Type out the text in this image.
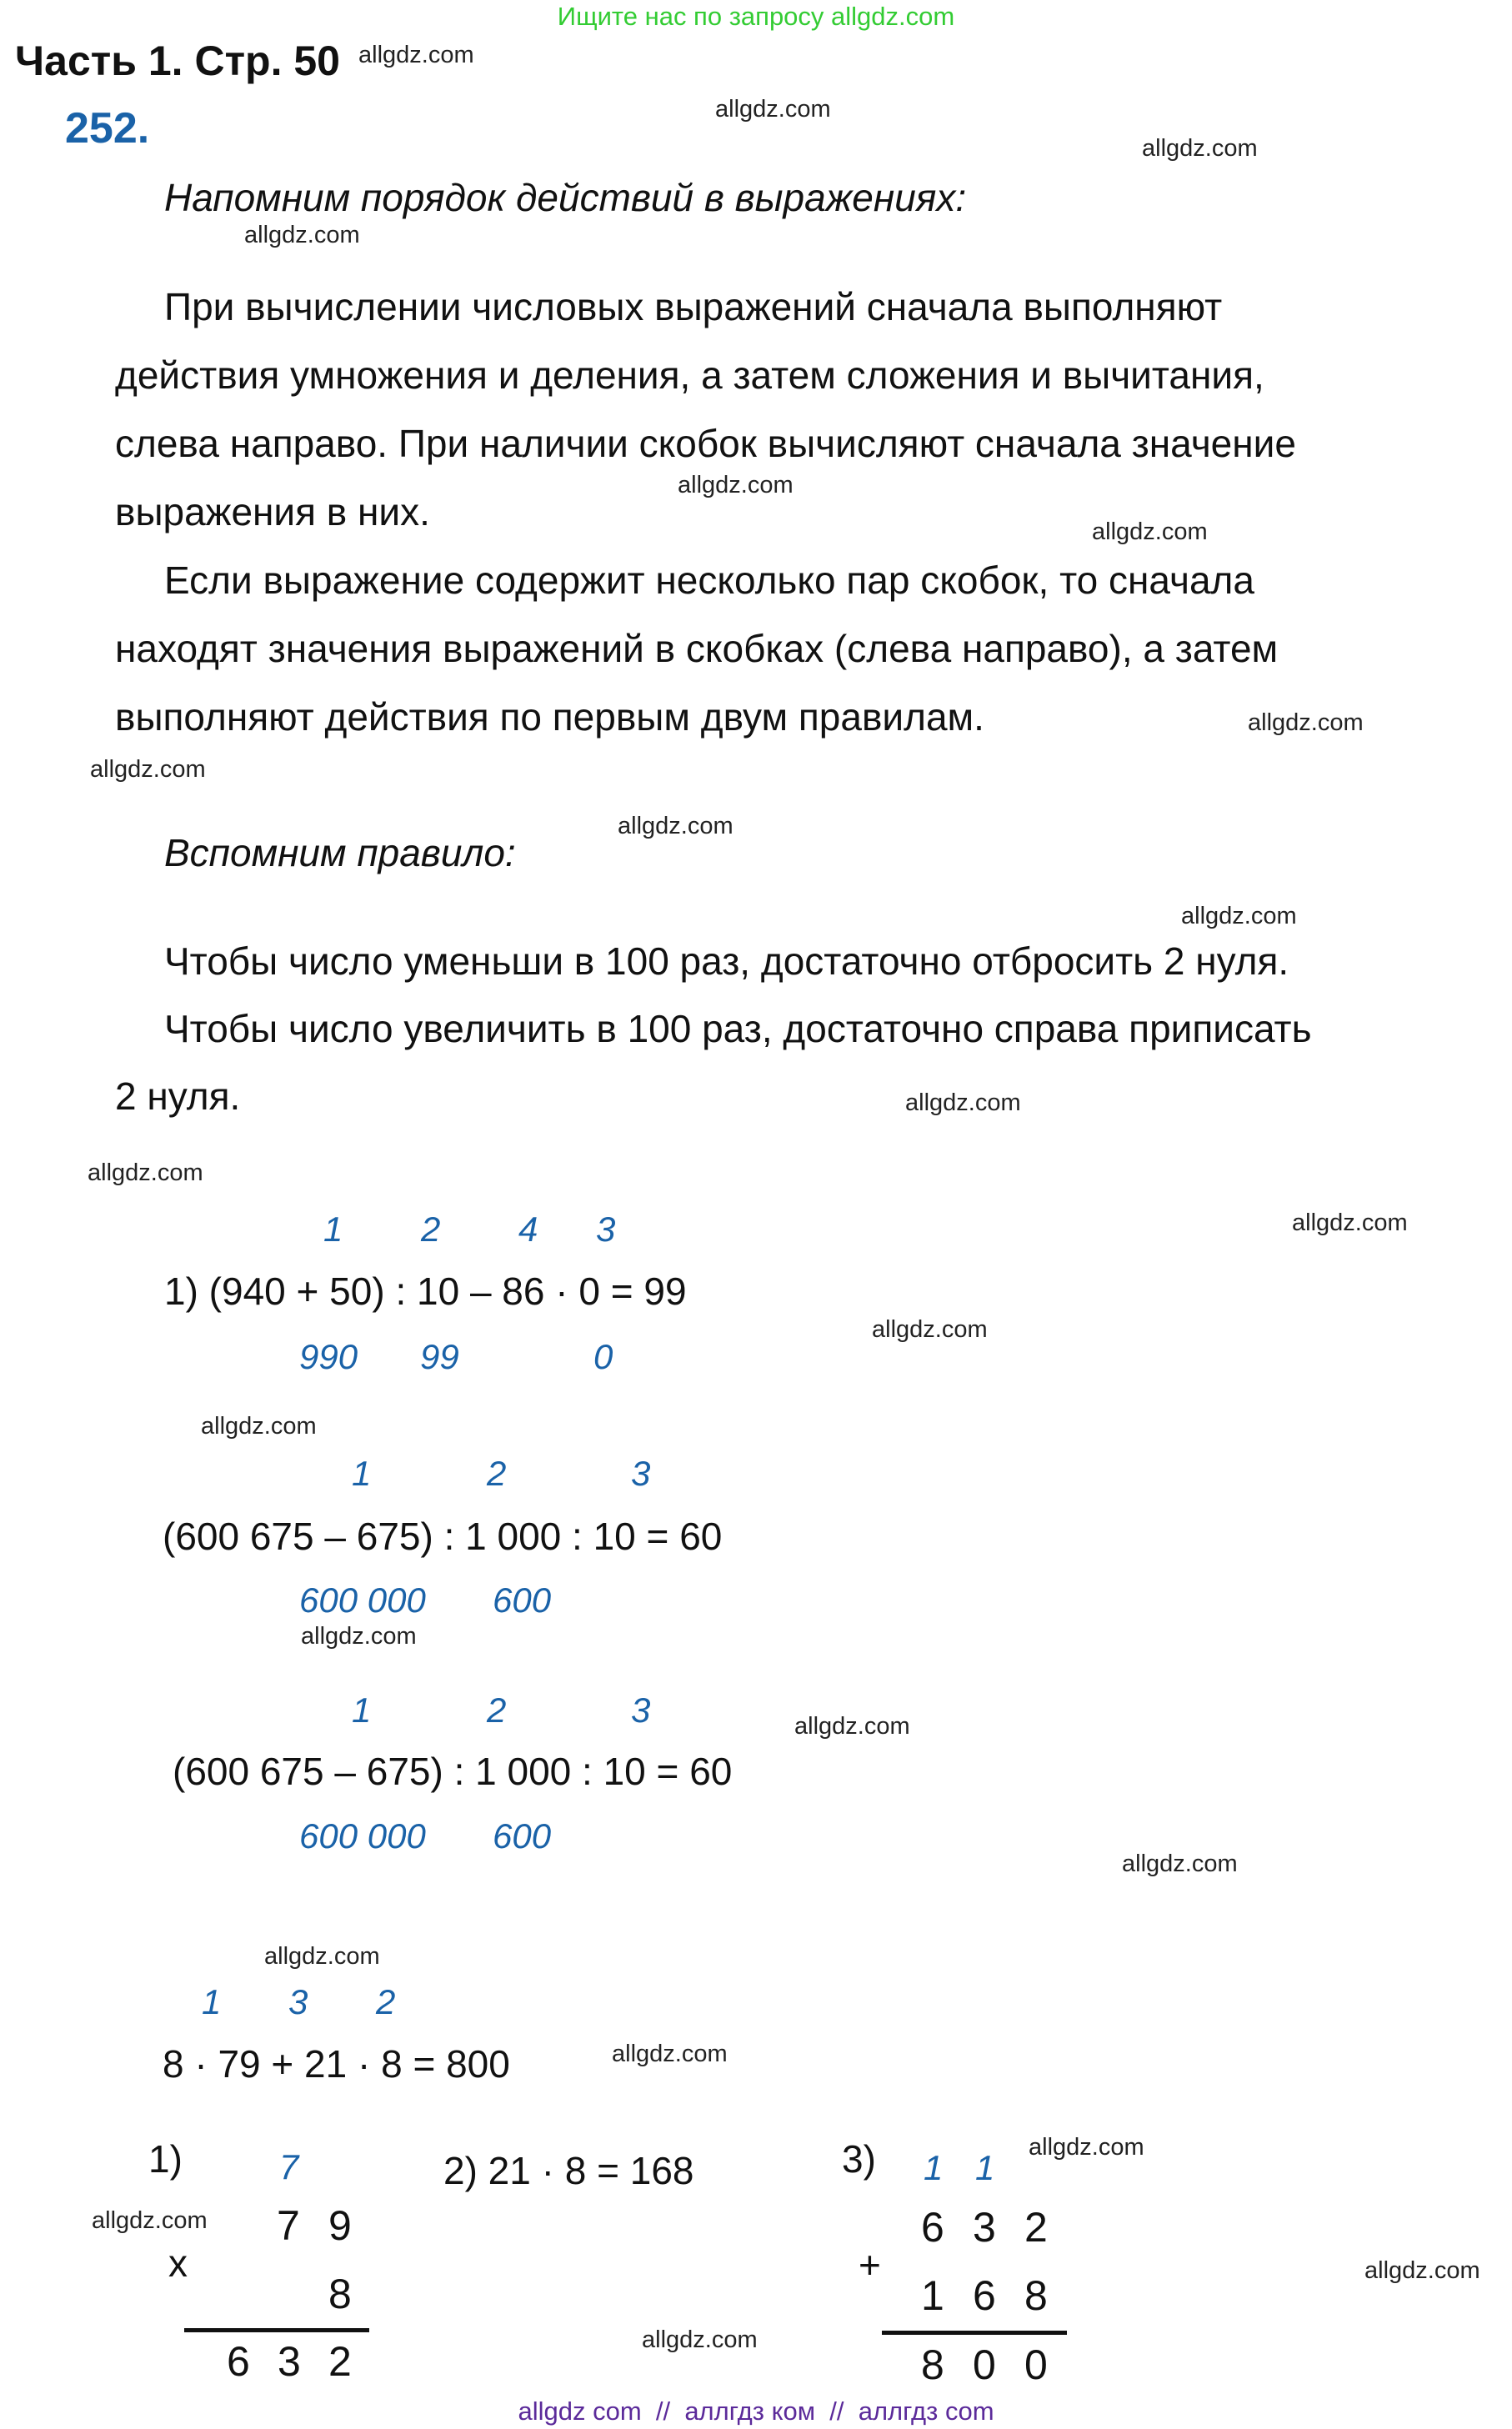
Ищите нас по запросу allgdz.com
Часть 1. Стр. 50
252.
allgdz.com
allgdz.com
allgdz.com
allgdz.com
allgdz.com
allgdz.com
allgdz.com
allgdz.com
allgdz.com
allgdz.com
allgdz.com
allgdz.com
allgdz.com
allgdz.com
allgdz.com
allgdz.com
allgdz.com
allgdz.com
allgdz.com
allgdz.com
allgdz.com
allgdz.com
allgdz.com
allgdz.com
Напомним порядок действий в выражениях:
При вычислении числовых выражений сначала выполняют
действия умножения и деления, а затем сложения и вычитания,
слева направо. При наличии скобок вычисляют сначала значение
выражения в них.
Если выражение содержит несколько пар скобок, то сначала
находят значения выражений в скобках (слева направо), а затем
выполняют действия по первым двум правилам.
Вспомним правило:
Чтобы число уменьши в 100 раз, достаточно отбросить 2 нуля.
Чтобы число увеличить в 100 раз, достаточно справа приписать
2 нуля.
1 2 4 3
1) (940 + 50) : 10 – 86 · 0 = 99
990 99	0
1	2	3
(600 675 – 675) : 1 000 : 10 = 60
600 000 600
1	2	3
(600 675 – 675) : 1 000 : 10 = 60
600 000 600
1 3 2
8 · 79 + 21 · 8 = 800
1)	7
7 9
x
8
6 3 2
2) 21 · 8 = 168	3) 1 1
6 3 2
+
1 6 8
8 0 0
allgdz com  //  аллгдз ком  //  аллгдз com
